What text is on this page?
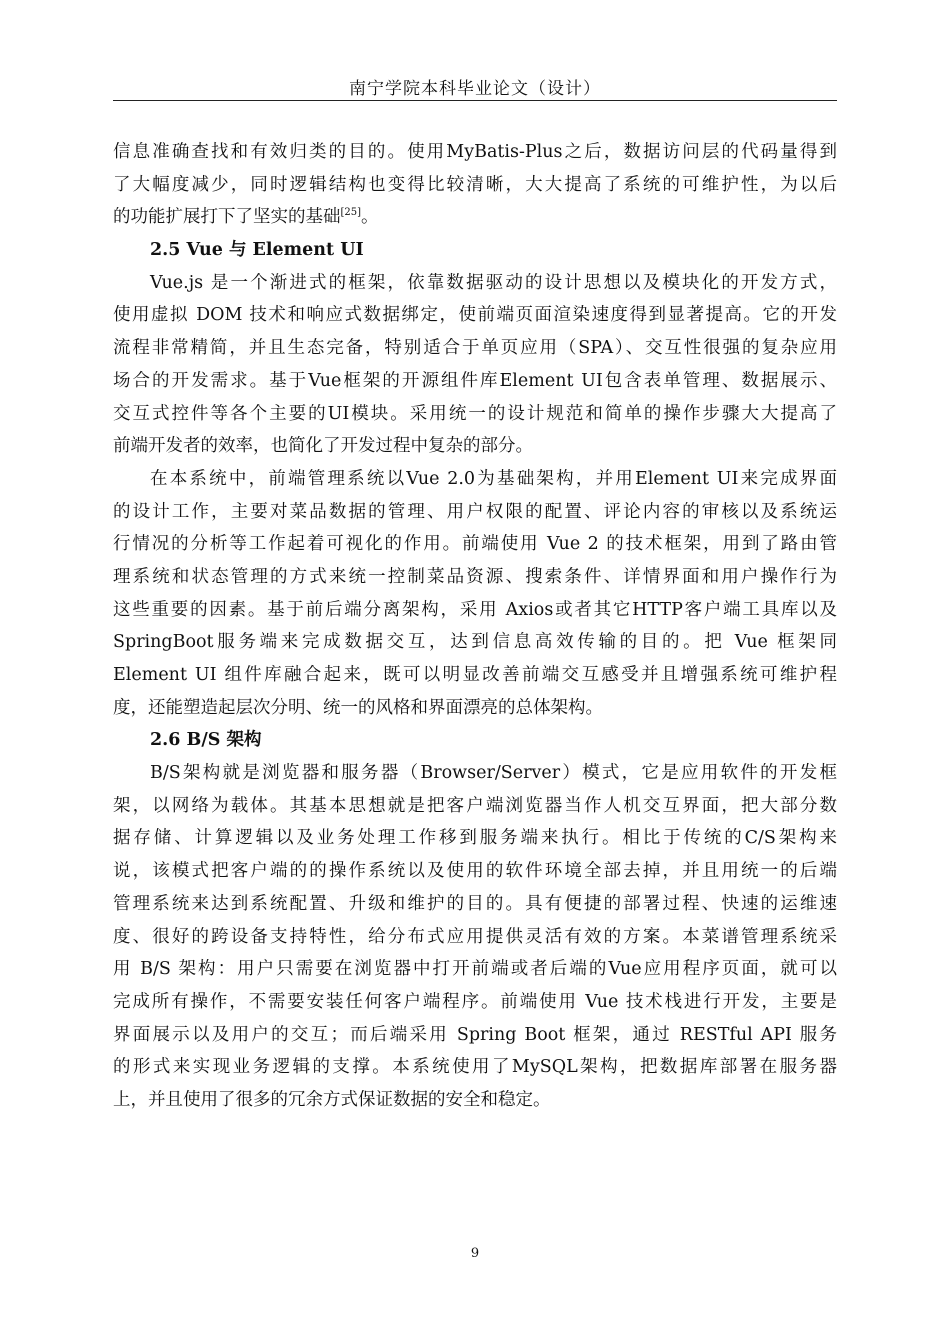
南宁学院本科毕业论文（设计）
信息准确查找和有效归类的目的。使用MyBatis-Plus之后，数据访问层的代码量得到
了大幅度减少，同时逻辑结构也变得比较清晰，大大提高了系统的可维护性，为以后
的功能扩展打下了坚实的基础[25]。
2.5 Vue 与 Element UI
Vue.js 是一个渐进式的框架，依靠数据驱动的设计思想以及模块化的开发方式，
使用虚拟 DOM 技术和响应式数据绑定，使前端页面渲染速度得到显著提高。它的开发
流程非常精简，并且生态完备，特别适合于单页应用（SPA）、交互性很强的复杂应用
场合的开发需求。基于Vue框架的开源组件库Element UI包含表单管理、数据展示、
交互式控件等各个主要的UI模块。采用统一的设计规范和简单的操作步骤大大提高了
前端开发者的效率，也简化了开发过程中复杂的部分。
在本系统中，前端管理系统以Vue 2.0为基础架构，并用Element UI来完成界面
的设计工作，主要对菜品数据的管理、用户权限的配置、评论内容的审核以及系统运
行情况的分析等工作起着可视化的作用。前端使用 Vue 2 的技术框架，用到了路由管
理系统和状态管理的方式来统一控制菜品资源、搜索条件、详情界面和用户操作行为
这些重要的因素。基于前后端分离架构，采用 Axios或者其它HTTP客户端工具库以及
SpringBoot服务端来完成数据交互，达到信息高效传输的目的。把 Vue 框架同
Element UI 组件库融合起来，既可以明显改善前端交互感受并且增强系统可维护程
度，还能塑造起层次分明、统一的风格和界面漂亮的总体架构。
2.6 B/S 架构
B/S架构就是浏览器和服务器（Browser/Server）模式，它是应用软件的开发框
架，以网络为载体。其基本思想就是把客户端浏览器当作人机交互界面，把大部分数
据存储、计算逻辑以及业务处理工作移到服务端来执行。相比于传统的C/S架构来
说，该模式把客户端的的操作系统以及使用的软件环境全部去掉，并且用统一的后端
管理系统来达到系统配置、升级和维护的目的。具有便捷的部署过程、快速的运维速
度、很好的跨设备支持特性，给分布式应用提供灵活有效的方案。本菜谱管理系统采
用 B/S 架构：用户只需要在浏览器中打开前端或者后端的Vue应用程序页面，就可以
完成所有操作，不需要安装任何客户端程序。前端使用 Vue 技术栈进行开发，主要是
界面展示以及用户的交互；而后端采用 Spring Boot 框架，通过 RESTful API 服务
的形式来实现业务逻辑的支撑。本系统使用了MySQL架构，把数据库部署在服务器
上，并且使用了很多的冗余方式保证数据的安全和稳定。
9
